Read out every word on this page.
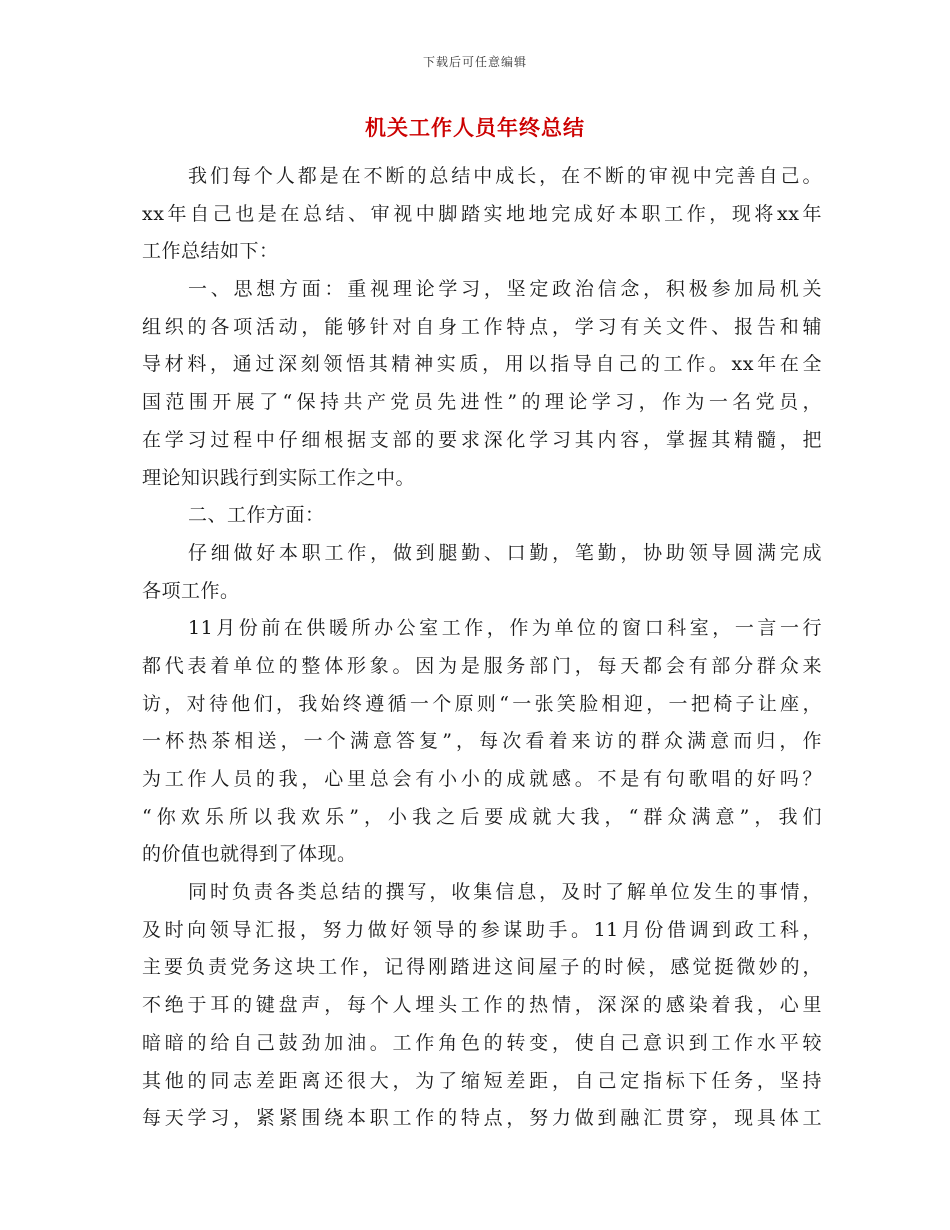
下载后可任意编辑
机关工作人员年终总结
我们每个人都是在不断的总结中成长，在不断的审视中完善自己。
xx年自己也是在总结、审视中脚踏实地地完成好本职工作，现将xx年
工作总结如下：
一、思想方面：重视理论学习，坚定政治信念，积极参加局机关
组织的各项活动，能够针对自身工作特点，学习有关文件、报告和辅
导材料，通过深刻领悟其精神实质，用以指导自己的工作。xx年在全
国范围开展了“保持共产党员先进性”的理论学习，作为一名党员，
在学习过程中仔细根据支部的要求深化学习其内容，掌握其精髓，把
理论知识践行到实际工作之中。
二、工作方面：
仔细做好本职工作，做到腿勤、口勤，笔勤，协助领导圆满完成
各项工作。
11月份前在供暖所办公室工作，作为单位的窗口科室，一言一行
都代表着单位的整体形象。因为是服务部门，每天都会有部分群众来
访，对待他们，我始终遵循一个原则“一张笑脸相迎，一把椅子让座，
一杯热茶相送，一个满意答复”，每次看着来访的群众满意而归，作
为工作人员的我，心里总会有小小的成就感。不是有句歌唱的好吗？
“你欢乐所以我欢乐”，小我之后要成就大我，“群众满意”，我们
的价值也就得到了体现。
同时负责各类总结的撰写，收集信息，及时了解单位发生的事情，
及时向领导汇报，努力做好领导的参谋助手。11月份借调到政工科，
主要负责党务这块工作，记得刚踏进这间屋子的时候，感觉挺微妙的，
不绝于耳的键盘声，每个人埋头工作的热情，深深的感染着我，心里
暗暗的给自己鼓劲加油。工作角色的转变，使自己意识到工作水平较
其他的同志差距离还很大，为了缩短差距，自己定指标下任务，坚持
每天学习，紧紧围绕本职工作的特点，努力做到融汇贯穿，现具体工
